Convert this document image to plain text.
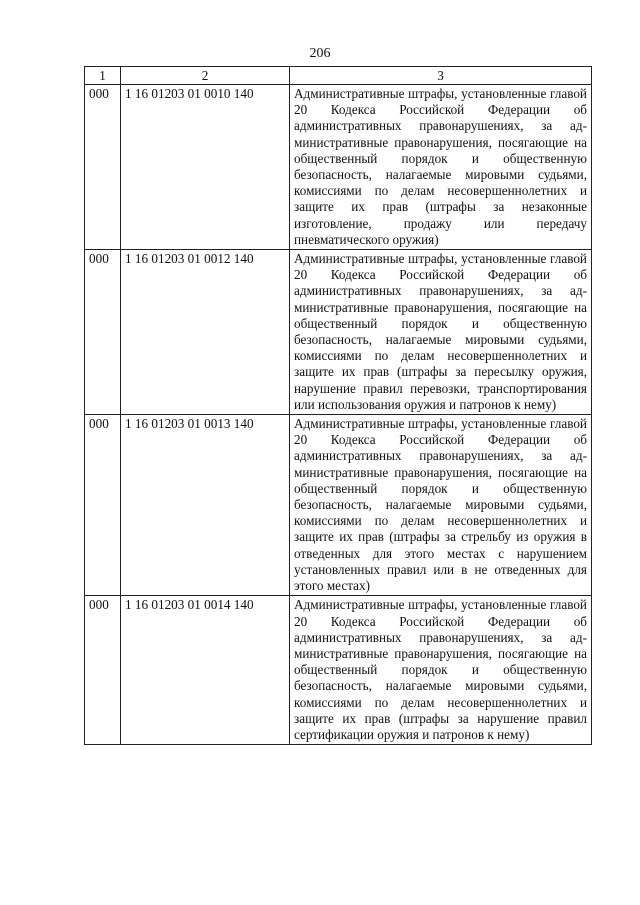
206
1	2	3
000	1 16 01203 01 0010 140	Административные штрафы, установленные главой 20 Кодекса Российской Федерации об административных правонарушениях, за административные правонарушения, посягающие на общественный порядок и общественную безопасность, налагаемые мировыми судьями, комиссиями по делам несовершеннолетних и защите их прав (штрафы за незаконные изготовление, продажу или передачу пневматического оружия)
000	1 16 01203 01 0012 140	Административные штрафы, установленные главой 20 Кодекса Российской Федерации об административных правонарушениях, за административные правонарушения, посягающие на общественный порядок и общественную безопасность, налагаемые мировыми судьями, комиссиями по делам несовершеннолетних и защите их прав (штрафы за пересылку оружия, нарушение правил перевозки, транспортирования или использования оружия и патронов к нему)
000	1 16 01203 01 0013 140	Административные штрафы, установленные главой 20 Кодекса Российской Федерации об административных правонарушениях, за административные правонарушения, посягающие на общественный порядок и общественную безопасность, налагаемые мировыми судьями, комиссиями по делам несовершеннолетних и защите их прав (штрафы за стрельбу из оружия в отведенных для этого местах с нарушением установленных правил или в не отведенных для этого местах)
000	1 16 01203 01 0014 140	Административные штрафы, установленные главой 20 Кодекса Российской Федерации об административных правонарушениях, за административные правонарушения, посягающие на общественный порядок и общественную безопасность, налагаемые мировыми судьями, комиссиями по делам несовершеннолетних и защите их прав (штрафы за нарушение правил сертификации оружия и патронов к нему)
